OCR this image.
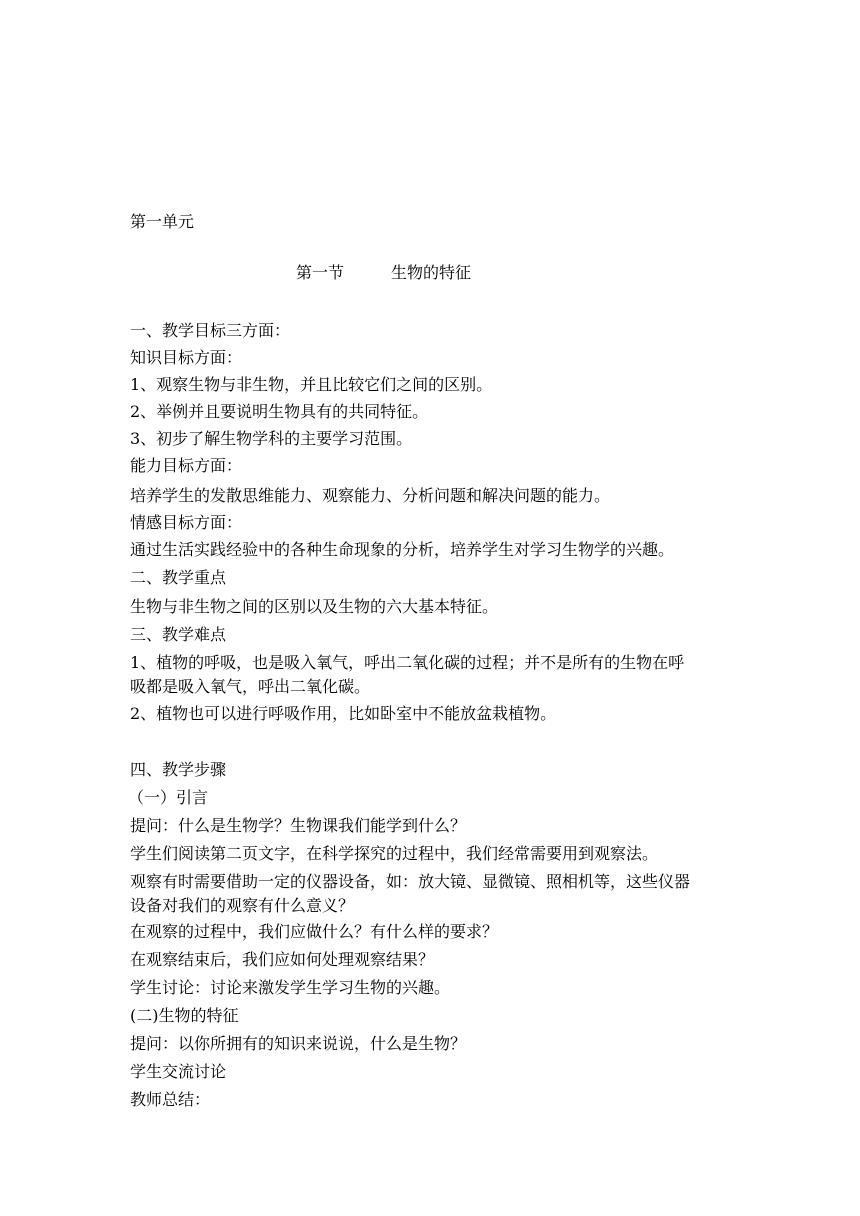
第一单元
第一节	生物的特征
一、教学目标三方面：
知识目标方面：
1、观察生物与非生物，并且比较它们之间的区别。
2、举例并且要说明生物具有的共同特征。
3、初步了解生物学科的主要学习范围。
能力目标方面：
培养学生的发散思维能力、观察能力、分析问题和解决问题的能力。
情感目标方面：
通过生活实践经验中的各种生命现象的分析，培养学生对学习生物学的兴趣。
二、教学重点
生物与非生物之间的区别以及生物的六大基本特征。
三、教学难点
1、植物的呼吸，也是吸入氧气，呼出二氧化碳的过程；并不是所有的生物在呼
吸都是吸入氧气，呼出二氧化碳。
2、植物也可以进行呼吸作用，比如卧室中不能放盆栽植物。
四、教学步骤
（一）引言
提问：什么是生物学？生物课我们能学到什么？
学生们阅读第二页文字，在科学探究的过程中，我们经常需要用到观察法。
观察有时需要借助一定的仪器设备，如：放大镜、显微镜、照相机等，这些仪器
设备对我们的观察有什么意义？
在观察的过程中，我们应做什么？有什么样的要求？
在观察结束后，我们应如何处理观察结果？
学生讨论：讨论来激发学生学习生物的兴趣。
(二)生物的特征
提问：以你所拥有的知识来说说，什么是生物？
学生交流讨论
教师总结：
